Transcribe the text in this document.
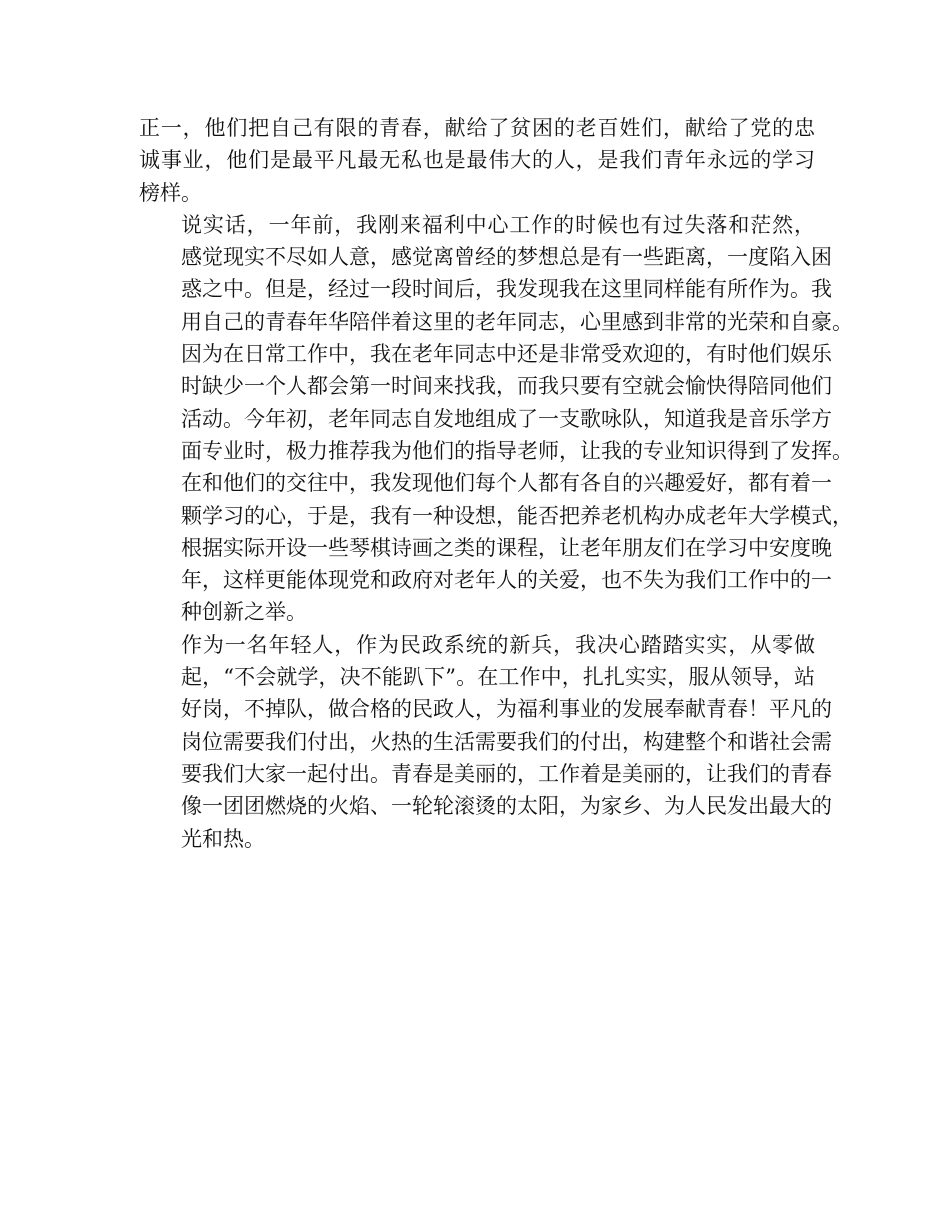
正一，他们把自己有限的青春，献给了贫困的老百姓们，献给了党的忠
诚事业，他们是最平凡最无私也是最伟大的人，是我们青年永远的学习
榜样。

说实话，一年前，我刚来福利中心工作的时候也有过失落和茫然，
感觉现实不尽如人意，感觉离曾经的梦想总是有一些距离，一度陷入困
惑之中。但是，经过一段时间后，我发现我在这里同样能有所作为。我
用自己的青春年华陪伴着这里的老年同志，心里感到非常的光荣和自豪。
因为在日常工作中，我在老年同志中还是非常受欢迎的，有时他们娱乐
时缺少一个人都会第一时间来找我，而我只要有空就会愉快得陪同他们
活动。今年初，老年同志自发地组成了一支歌咏队，知道我是音乐学方
面专业时，极力推荐我为他们的指导老师，让我的专业知识得到了发挥。
在和他们的交往中，我发现他们每个人都有各自的兴趣爱好，都有着一
颗学习的心，于是，我有一种设想，能否把养老机构办成老年大学模式，
根据实际开设一些琴棋诗画之类的课程，让老年朋友们在学习中安度晚
年，这样更能体现党和政府对老年人的关爱，也不失为我们工作中的一
种创新之举。

作为一名年轻人，作为民政系统的新兵，我决心踏踏实实，从零做
起，“不会就学，决不能趴下”。在工作中，扎扎实实，服从领导，站
好岗，不掉队，做合格的民政人，为福利事业的发展奉献青春！平凡的
岗位需要我们付出，火热的生活需要我们的付出，构建整个和谐社会需
要我们大家一起付出。青春是美丽的，工作着是美丽的，让我们的青春
像一团团燃烧的火焰、一轮轮滚烫的太阳，为家乡、为人民发出最大的
光和热。
